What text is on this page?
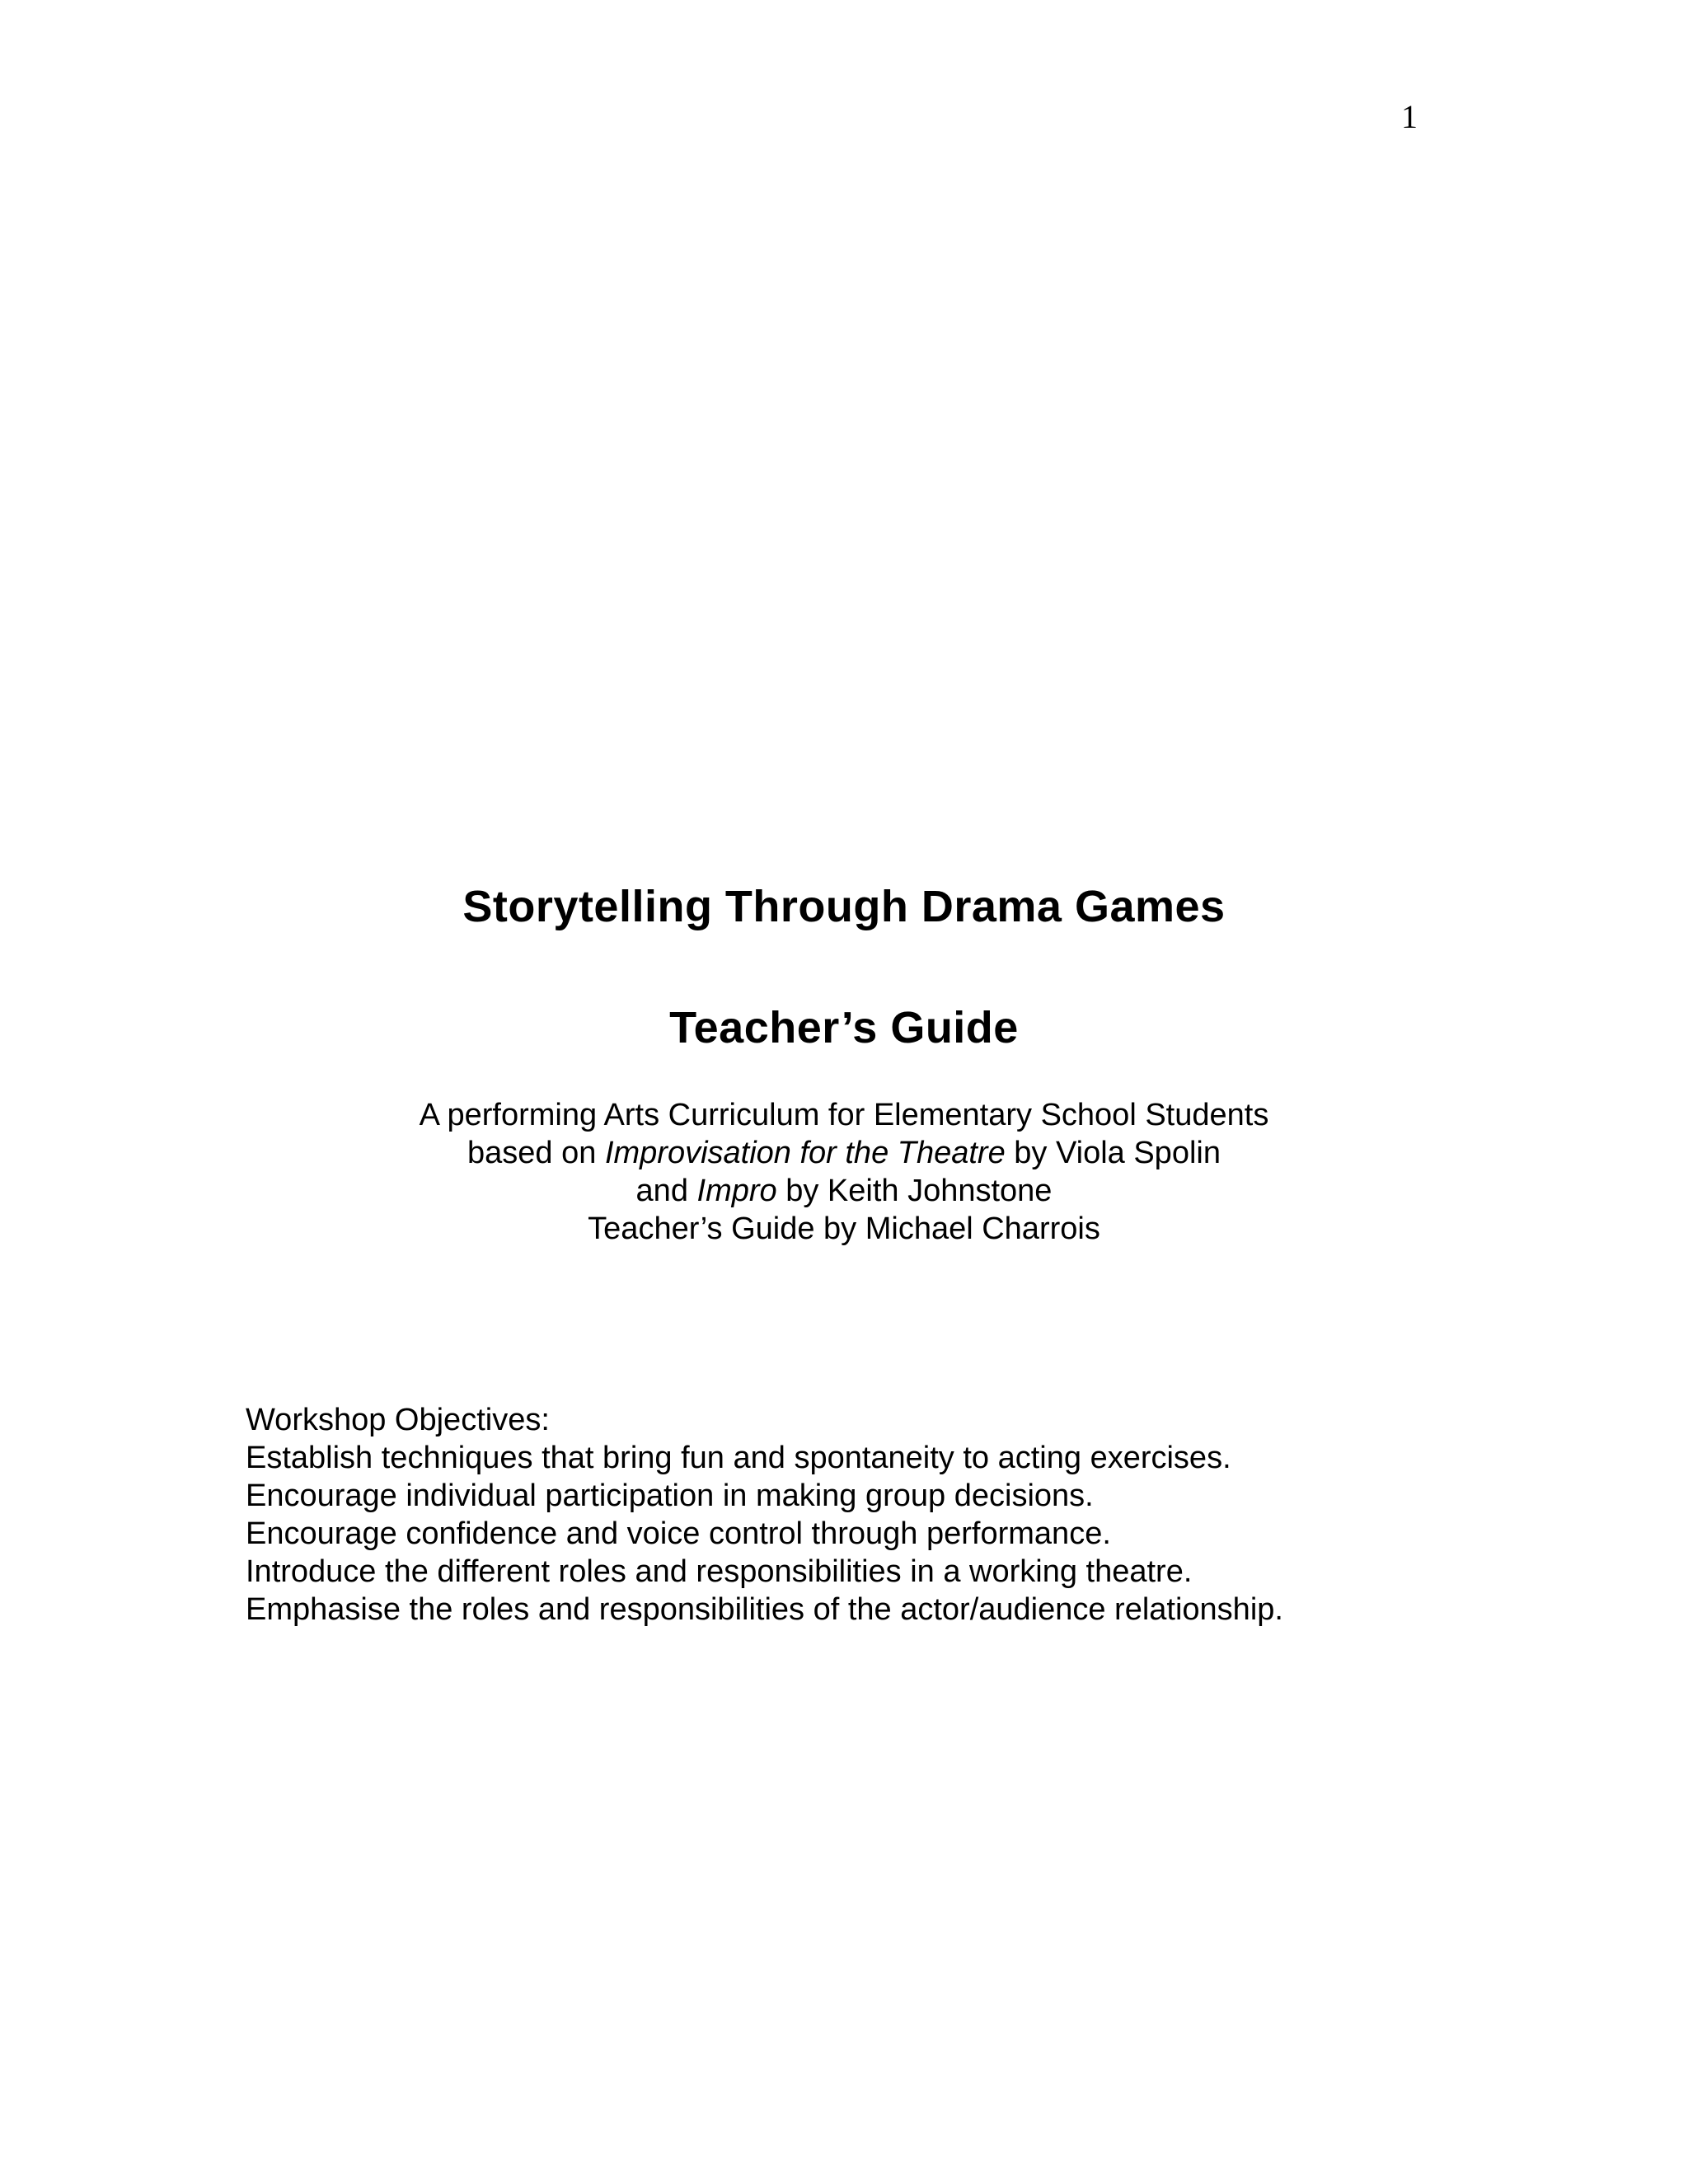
1
Storytelling Through Drama Games
Teacher’s Guide
A performing Arts Curriculum for Elementary School Students
based on Improvisation for the Theatre by Viola Spolin
and Impro by Keith Johnstone
Teacher’s Guide by Michael Charrois
Workshop Objectives:
Establish techniques that bring fun and spontaneity to acting exercises.
Encourage individual participation in making group decisions.
Encourage confidence and voice control through performance.
Introduce the different roles and responsibilities in a working theatre.
Emphasise the roles and responsibilities of the actor/audience relationship.
